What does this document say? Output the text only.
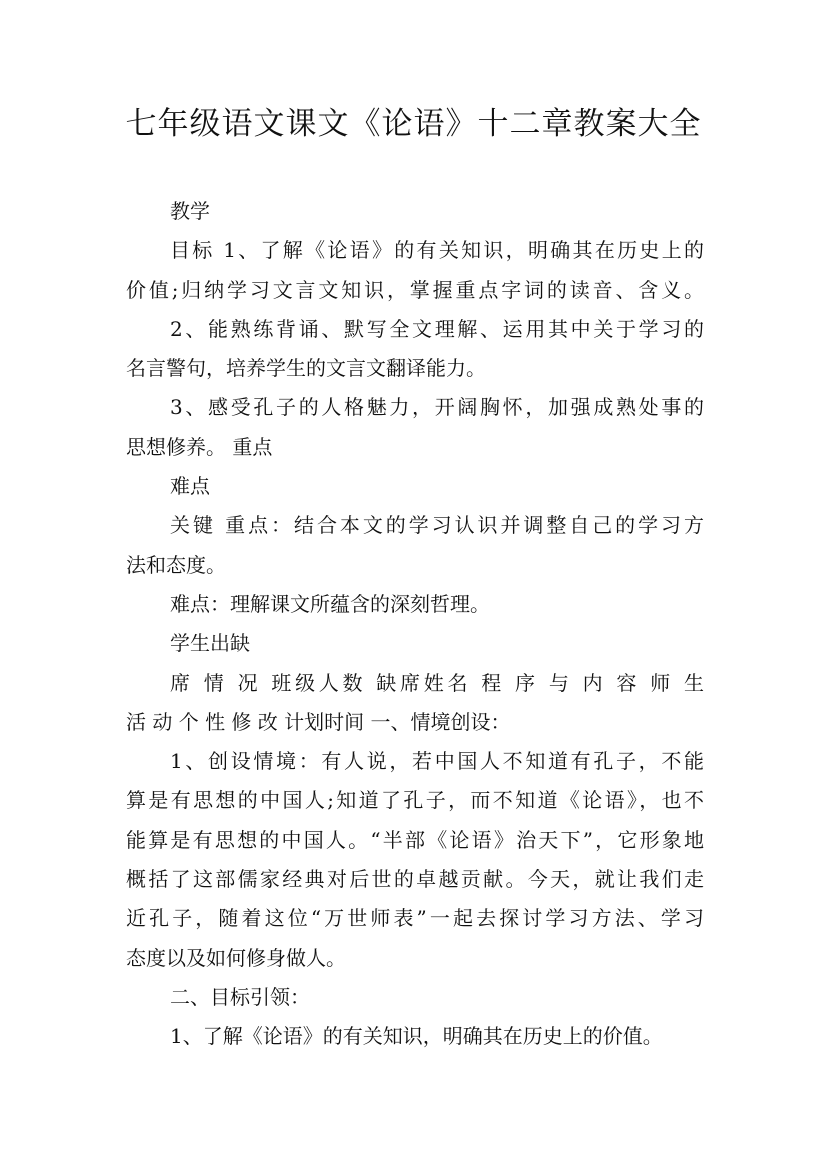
七年级语文课文《论语》十二章教案大全
教学
目标 1、了解《论语》的有关知识，明确其在历史上的
价值;归纳学习文言文知识，掌握重点字词的读音、含义。
2、能熟练背诵、默写全文理解、运用其中关于学习的
名言警句，培养学生的文言文翻译能力。
3、感受孔子的人格魅力，开阔胸怀，加强成熟处事的
思想修养。 重点
难点
关键 重点：结合本文的学习认识并调整自己的学习方
法和态度。
难点：理解课文所蕴含的深刻哲理。
学生出缺
席 情 况 班级人数 缺席姓名 程 序 与 内 容 师 生
活 动 个 性 修 改 计划时间 一、情境创设：
1、创设情境：有人说，若中国人不知道有孔子，不能
算是有思想的中国人;知道了孔子，而不知道《论语》，也不
能算是有思想的中国人。“半部《论语》治天下”，它形象地
概括了这部儒家经典对后世的卓越贡献。今天，就让我们走
近孔子，随着这位“万世师表”一起去探讨学习方法、学习
态度以及如何修身做人。
二、目标引领：
1、了解《论语》的有关知识，明确其在历史上的价值。
